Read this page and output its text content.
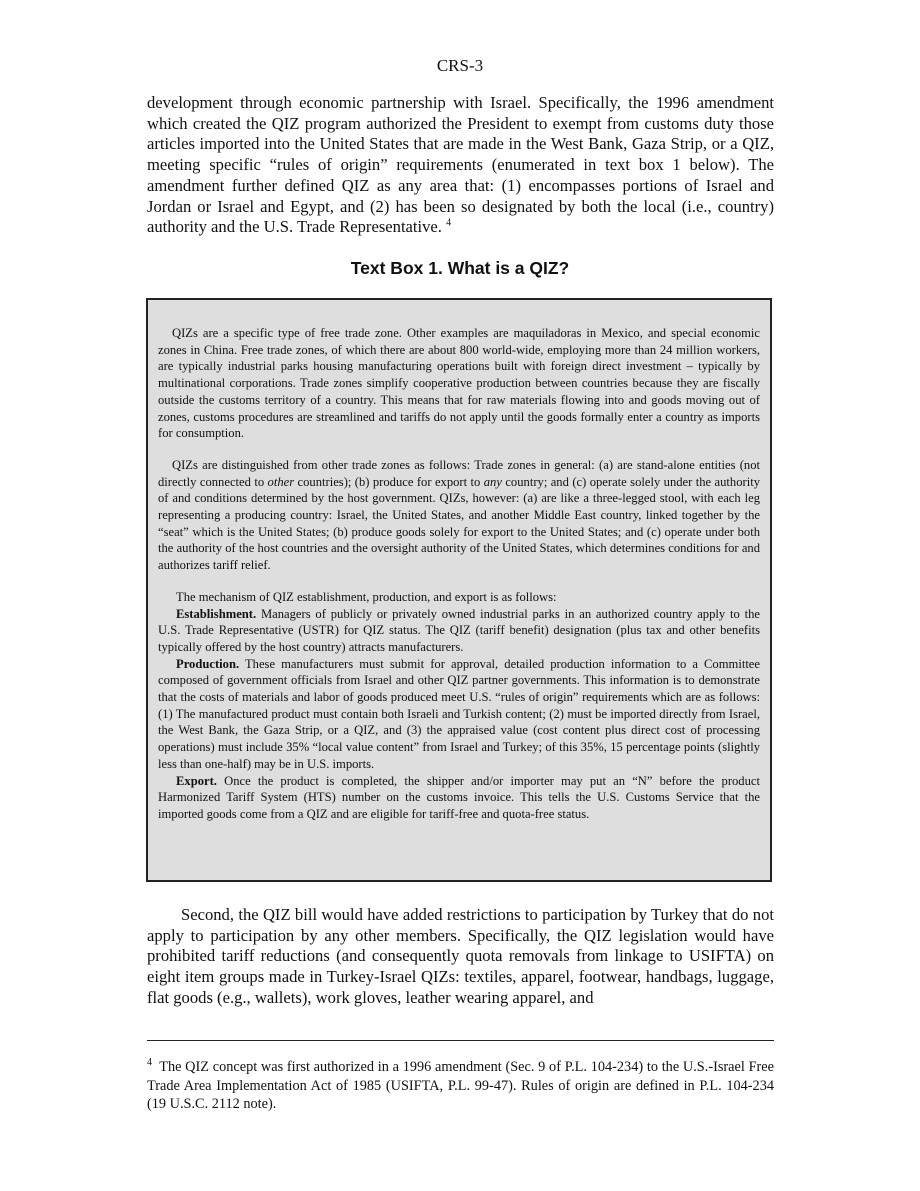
CRS-3

development through economic partnership with Israel. Specifically, the 1996 amendment which created the QIZ program authorized the President to exempt from customs duty those articles imported into the United States that are made in the West Bank, Gaza Strip, or a QIZ, meeting specific “rules of origin” requirements (enumerated in text box 1 below). The amendment further defined QIZ as any area that: (1) encompasses portions of Israel and Jordan or Israel and Egypt, and (2) has been so designated by both the local (i.e., country) authority and the U.S. Trade Representative. $^4$

Text Box 1. What is a QIZ?

QIZs are a specific type of free trade zone. Other examples are maquiladoras in Mexico, and special economic zones in China. Free trade zones, of which there are about 800 world-wide, employing more than 24 million workers, are typically industrial parks housing manufacturing operations built with foreign direct investment – typically by multinational corporations. Trade zones simplify cooperative production between countries because they are fiscally outside the customs territory of a country. This means that for raw materials flowing into and goods moving out of zones, customs procedures are streamlined and tariffs do not apply until the goods formally enter a country as imports for consumption.

QIZs are distinguished from other trade zones as follows: Trade zones in general: (a) are stand-alone entities (not directly connected to other countries); (b) produce for export to any country; and (c) operate solely under the authority of and conditions determined by the host government. QIZs, however: (a) are like a three-legged stool, with each leg representing a producing country: Israel, the United States, and another Middle East country, linked together by the “seat” which is the United States; (b) produce goods solely for export to the United States; and (c) operate under both the authority of the host countries and the oversight authority of the United States, which determines conditions for and authorizes tariff relief.

The mechanism of QIZ establishment, production, and export is as follows:

Establishment. Managers of publicly or privately owned industrial parks in an authorized country apply to the U.S. Trade Representative (USTR) for QIZ status. The QIZ (tariff benefit) designation (plus tax and other benefits typically offered by the host country) attracts manufacturers.

Production. These manufacturers must submit for approval, detailed production information to a Committee composed of government officials from Israel and other QIZ partner governments. This information is to demonstrate that the costs of materials and labor of goods produced meet U.S. “rules of origin” requirements which are as follows: (1) The manufactured product must contain both Israeli and Turkish content; (2) must be imported directly from Israel, the West Bank, the Gaza Strip, or a QIZ, and (3) the appraised value (cost content plus direct cost of processing operations) must include 35% “local value content” from Israel and Turkey; of this 35%, 15 percentage points (slightly less than one-half) may be in U.S. imports.

Export. Once the product is completed, the shipper and/or importer may put an “N” before the product Harmonized Tariff System (HTS) number on the customs invoice. This tells the U.S. Customs Service that the imported goods come from a QIZ and are eligible for tariff-free and quota-free status.

Second, the QIZ bill would have added restrictions to participation by Turkey that do not apply to participation by any other members. Specifically, the QIZ legislation would have prohibited tariff reductions (and consequently quota removals from linkage to USIFTA) on eight item groups made in Turkey-Israel QIZs: textiles, apparel, footwear, handbags, luggage, flat goods (e.g., wallets), work gloves, leather wearing apparel, and

$^4$ The QIZ concept was first authorized in a 1996 amendment (Sec. 9 of P.L. 104-234) to the U.S.-Israel Free Trade Area Implementation Act of 1985 (USIFTA, P.L. 99-47). Rules of origin are defined in P.L. 104-234 (19 U.S.C. 2112 note).
